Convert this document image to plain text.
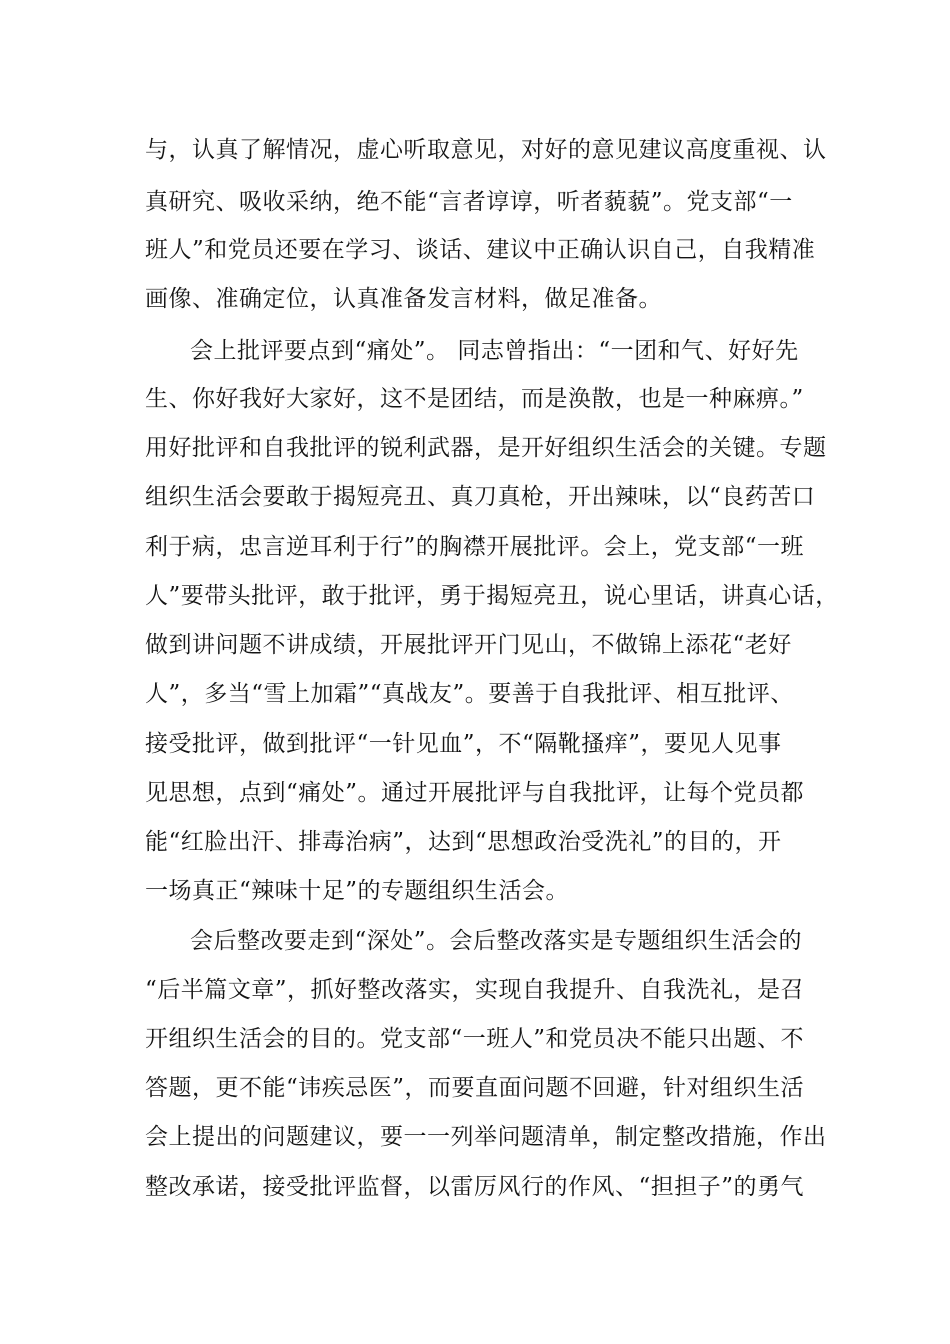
与，认真了解情况，虚心听取意见，对好的意见建议高度重视、认
真研究、吸收采纳，绝不能“言者谆谆，听者藐藐”。党支部“一
班人”和党员还要在学习、谈话、建议中正确认识自己，自我精准
画像、准确定位，认真准备发言材料，做足准备。
会上批评要点到“痛处”。 同志曾指出：“一团和气、好好先
生、你好我好大家好，这不是团结，而是涣散，也是一种麻痹。”
用好批评和自我批评的锐利武器，是开好组织生活会的关键。专题
组织生活会要敢于揭短亮丑、真刀真枪，开出辣味，以“良药苦口
利于病，忠言逆耳利于行”的胸襟开展批评。会上，党支部“一班
人”要带头批评，敢于批评，勇于揭短亮丑，说心里话，讲真心话，
做到讲问题不讲成绩，开展批评开门见山，不做锦上添花“老好
人”，多当“雪上加霜”“真战友”。要善于自我批评、相互批评、
接受批评，做到批评“一针见血”，不“隔靴搔痒”，要见人见事
见思想，点到“痛处”。通过开展批评与自我批评，让每个党员都
能“红脸出汗、排毒治病”，达到“思想政治受洗礼”的目的，开
一场真正“辣味十足”的专题组织生活会。
会后整改要走到“深处”。会后整改落实是专题组织生活会的
“后半篇文章”，抓好整改落实，实现自我提升、自我洗礼，是召
开组织生活会的目的。党支部“一班人”和党员决不能只出题、不
答题，更不能“讳疾忌医”，而要直面问题不回避，针对组织生活
会上提出的问题建议，要一一列举问题清单，制定整改措施，作出
整改承诺，接受批评监督，以雷厉风行的作风、“担担子”的勇气
